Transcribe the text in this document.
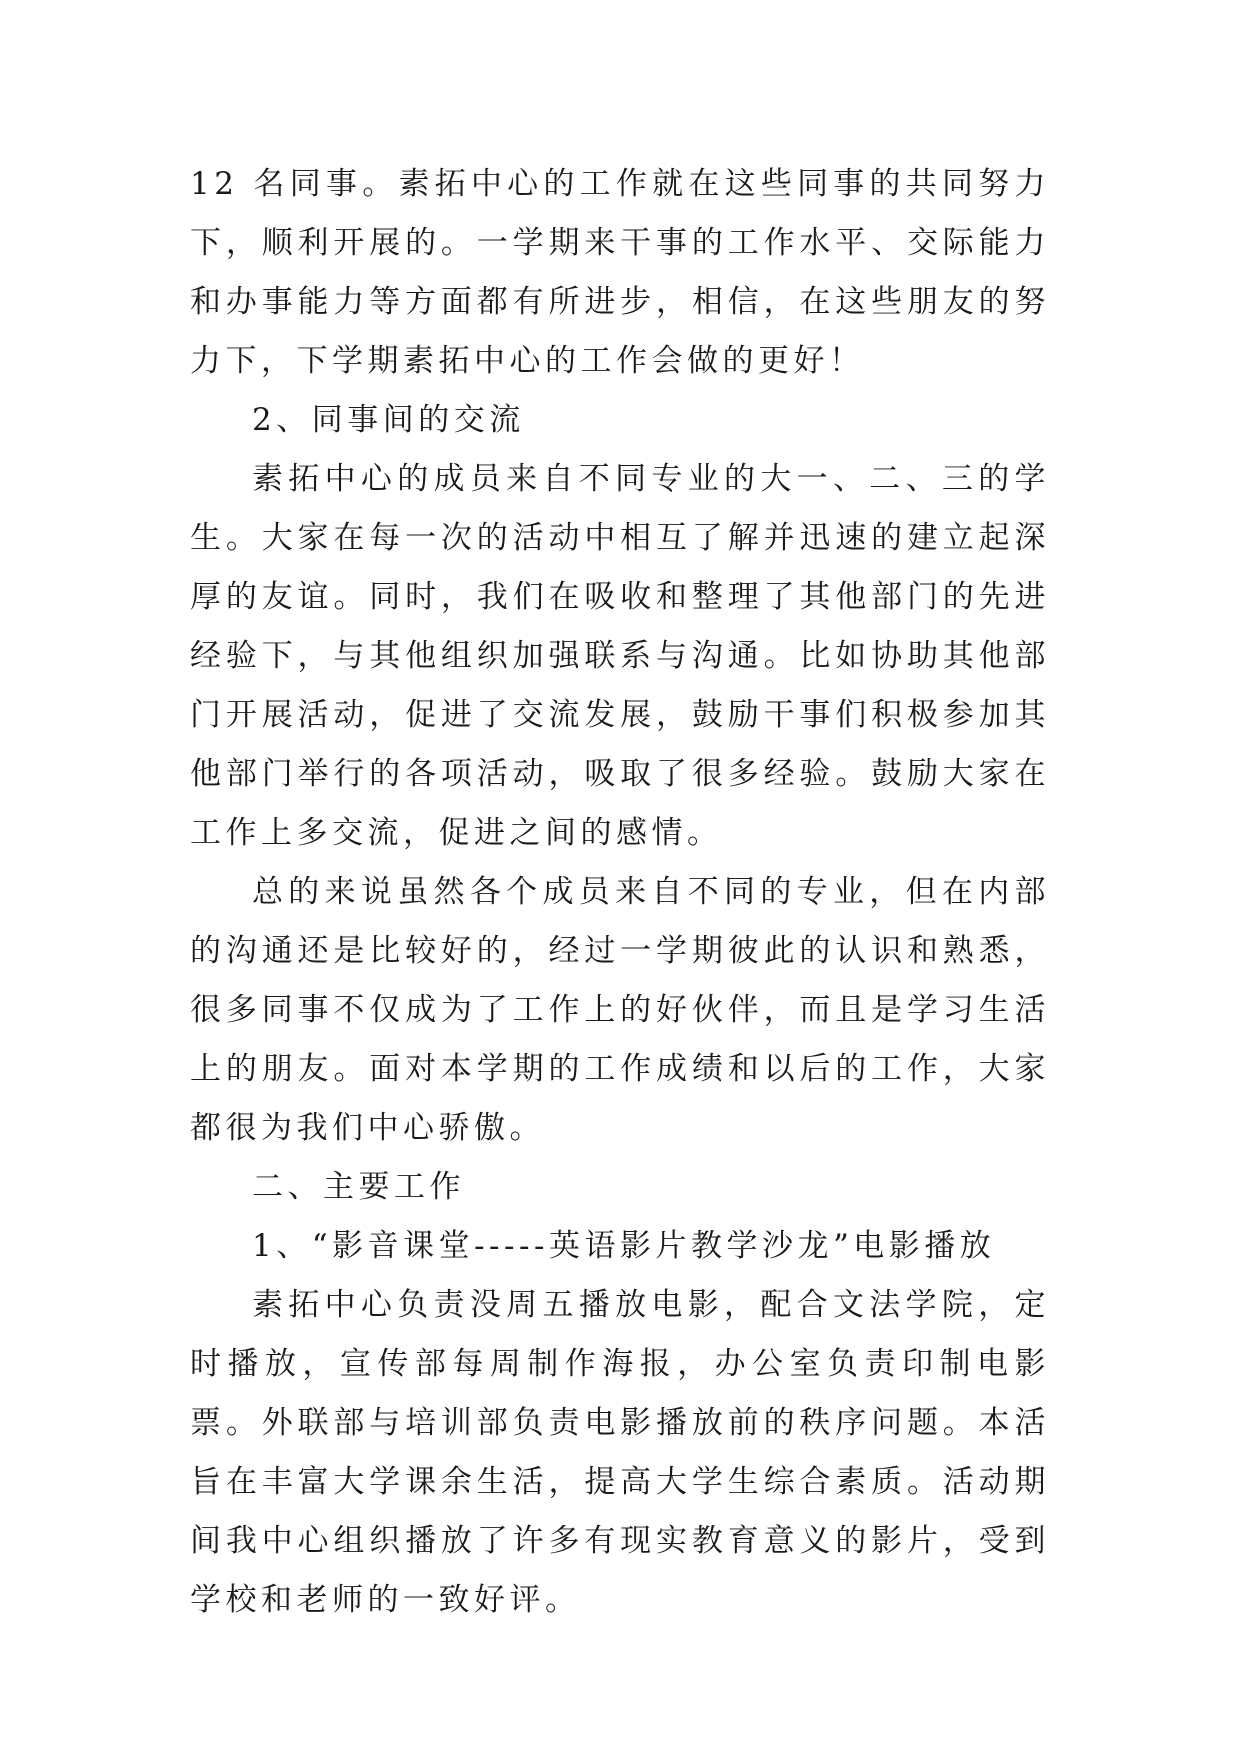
12 名同事。素拓中心的工作就在这些同事的共同努力下，顺利开展的。一学期来干事的工作水平、交际能力和办事能力等方面都有所进步，相信，在这些朋友的努力下，下学期素拓中心的工作会做的更好！

2、同事间的交流

素拓中心的成员来自不同专业的大一、二、三的学生。大家在每一次的活动中相互了解并迅速的建立起深厚的友谊。同时，我们在吸收和整理了其他部门的先进经验下，与其他组织加强联系与沟通。比如协助其他部门开展活动，促进了交流发展，鼓励干事们积极参加其他部门举行的各项活动，吸取了很多经验。鼓励大家在工作上多交流，促进之间的感情。

总的来说虽然各个成员来自不同的专业，但在内部的沟通还是比较好的，经过一学期彼此的认识和熟悉，很多同事不仅成为了工作上的好伙伴，而且是学习生活上的朋友。面对本学期的工作成绩和以后的工作，大家都很为我们中心骄傲。

二、主要工作

1、“影音课堂-----英语影片教学沙龙”电影播放

素拓中心负责没周五播放电影，配合文法学院，定时播放，宣传部每周制作海报，办公室负责印制电影票。外联部与培训部负责电影播放前的秩序问题。本活旨在丰富大学课余生活，提高大学生综合素质。活动期间我中心组织播放了许多有现实教育意义的影片，受到学校和老师的一致好评。
